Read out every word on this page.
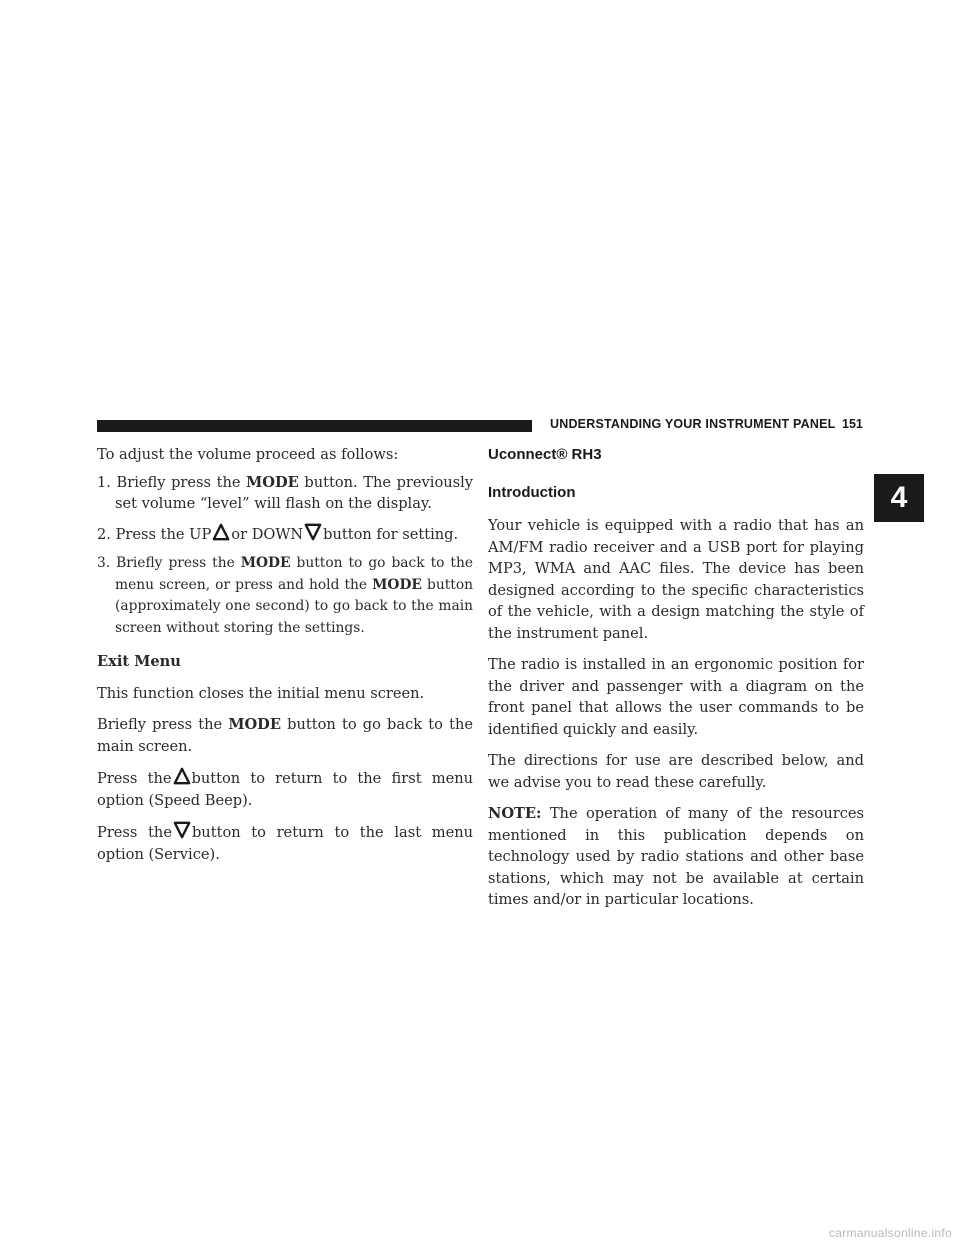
UNDERSTANDING YOUR INSTRUMENT PANEL 151
4

To adjust the volume proceed as follows:

1. Briefly press the MODE button. The previously set volume “level” will flash on the display.
2. Press the UP or DOWN button for setting.
3. Briefly press the MODE button to go back to the menu screen, or press and hold the MODE button (approximately one second) to go back to the main screen without storing the settings.
Exit Menu

This function closes the initial menu screen.

Briefly press the MODE button to go back to the main screen.

Press the button to return to the first menu option (Speed Beep).

Press the button to return to the last menu option (Service).

Uconnect® RH3
Introduction

Your vehicle is equipped with a radio that has an AM/FM radio receiver and a USB port for playing MP3, WMA and AAC files. The device has been designed according to the specific characteristics of the vehicle, with a design matching the style of the instrument panel.

The radio is installed in an ergonomic position for the driver and passenger with a diagram on the front panel that allows the user commands to be identified quickly and easily.

The directions for use are described below, and we advise you to read these carefully.

NOTE: The operation of many of the resources mentioned in this publication depends on technology used by radio stations and other base stations, which may not be available at certain times and/or in particular locations.

carmanualsonline.info
